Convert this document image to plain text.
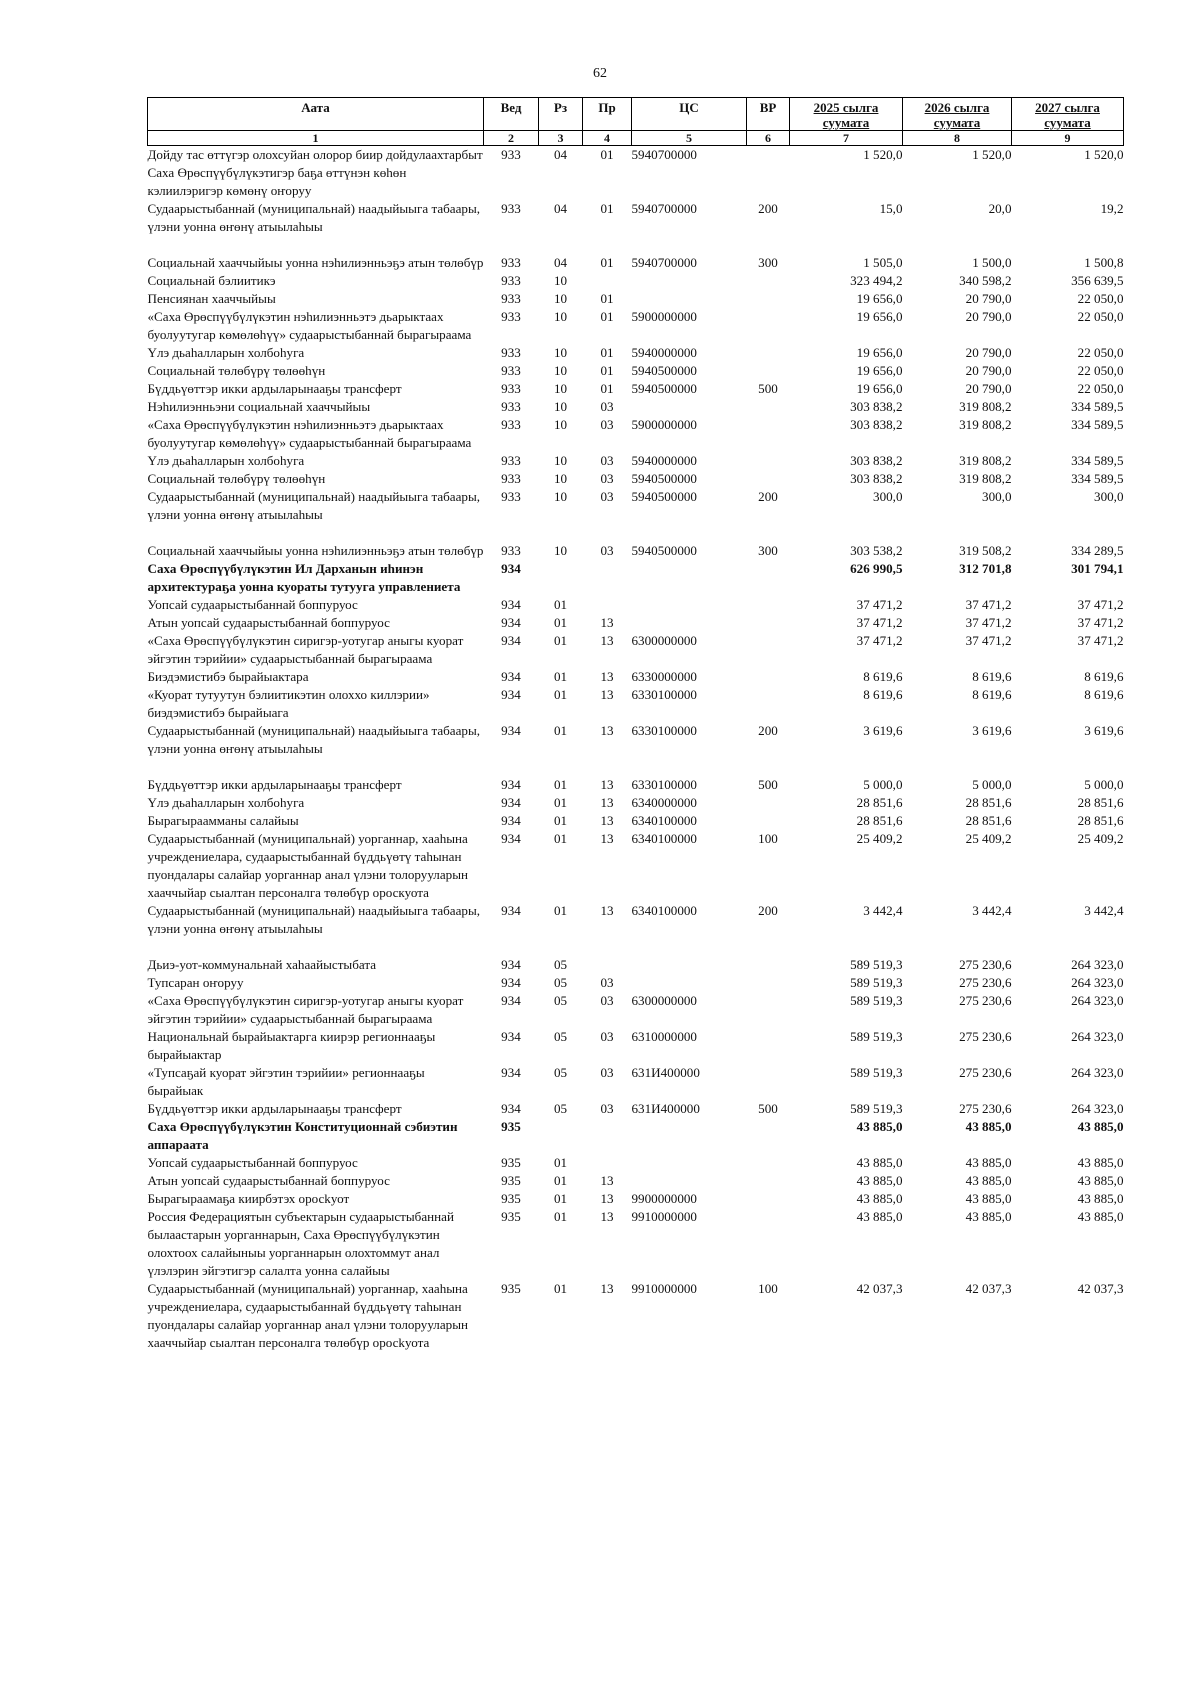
62
Аата	Вед	Рз	Пр	ЦС	ВР	2025 сылга суумата	2026 сылга суумата	2027 сылга суумата
1	2	3	4	5	6	7	8	9
Дойду тас өттүгэр олохсуйан олорор биир дойдулаахтарбыт Саха Өрөспүүбүлүкэтигэр баҕа өттүнэн көһөн кэлиилэригэр көмөнү оҥоруу	933	04	01	5940700000		1 520,0	1 520,0	1 520,0
Судаарыстыбаннай (муниципальнай) наадыйыыга табаары, үлэни уонна өҥөнү атыылаһыы	933	04	01	5940700000	200	15,0	20,0	19,2
Социальнай хааччыйыы уонна нэһилиэнньэҕэ атын төлөбүр	933	04	01	5940700000	300	1 505,0	1 500,0	1 500,8
Социальнай бэлиитикэ	933	10				323 494,2	340 598,2	356 639,5
Пенсиянан хааччыйыы	933	10	01			19 656,0	20 790,0	22 050,0
«Саха Өрөспүүбүлүкэтин нэһилиэнньэтэ дьарыктаах буолуутугар көмөлөһүү» судаарыстыбаннай бырагыраама	933	10	01	5900000000		19 656,0	20 790,0	22 050,0
Үлэ дьаһалларын холбоһуга	933	10	01	5940000000		19 656,0	20 790,0	22 050,0
Социальнай төлөбүрү төлөөһүн	933	10	01	5940500000		19 656,0	20 790,0	22 050,0
Бүддьүөттэр икки ардыларынааҕы трансферт	933	10	01	5940500000	500	19 656,0	20 790,0	22 050,0
Нэһилиэнньэни социальнай хааччыйыы	933	10	03			303 838,2	319 808,2	334 589,5
«Саха Өрөспүүбүлүкэтин нэһилиэнньэтэ дьарыктаах буолуутугар көмөлөһүү» судаарыстыбаннай бырагыраама	933	10	03	5900000000		303 838,2	319 808,2	334 589,5
Үлэ дьаһалларын холбоһуга	933	10	03	5940000000		303 838,2	319 808,2	334 589,5
Социальнай төлөбүрү төлөөһүн	933	10	03	5940500000		303 838,2	319 808,2	334 589,5
Судаарыстыбаннай (муниципальнай) наадыйыыга табаары, үлэни уонна өҥөнү атыылаһыы	933	10	03	5940500000	200	300,0	300,0	300,0
Социальнай хааччыйыы уонна нэһилиэнньэҕэ атын төлөбүр	933	10	03	5940500000	300	303 538,2	319 508,2	334 289,5
Саха Өрөспүүбүлүкэтин Ил Дарханын иһинэн архитектураҕа уонна куораты тутууга управлениета	934					626 990,5	312 701,8	301 794,1
Уопсай судаарыстыбаннай боппуруос	934	01				37 471,2	37 471,2	37 471,2
Атын уопсай судаарыстыбаннай боппуруос	934	01	13			37 471,2	37 471,2	37 471,2
«Саха Өрөспүүбүлүкэтин сиригэр-уотугар аныгы куорат эйгэтин тэрийии» судаарыстыбаннай бырагыраама	934	01	13	6300000000		37 471,2	37 471,2	37 471,2
Биэдэмистибэ бырайыактара	934	01	13	6330000000		8 619,6	8 619,6	8 619,6
«Куорат тутуутун бэлиитикэтин олоххо киллэрии» биэдэмистибэ бырайыага	934	01	13	6330100000		8 619,6	8 619,6	8 619,6
Судаарыстыбаннай (муниципальнай) наадыйыыга табаары, үлэни уонна өҥөнү атыылаһыы	934	01	13	6330100000	200	3 619,6	3 619,6	3 619,6
Бүддьүөттэр икки ардыларынааҕы трансферт	934	01	13	6330100000	500	5 000,0	5 000,0	5 000,0
Үлэ дьаһалларын холбоһуга	934	01	13	6340000000		28 851,6	28 851,6	28 851,6
Бырагыраамманы салайыы	934	01	13	6340100000		28 851,6	28 851,6	28 851,6
Судаарыстыбаннай (муниципальнай) уорганнар, хааһына учреждениелара, судаарыстыбаннай бүддьүөтү таһынан пуондалары салайар уорганнар анал үлэни толорууларын хааччыйар сыалтан персоналга төлөбүр ороскуота	934	01	13	6340100000	100	25 409,2	25 409,2	25 409,2
Судаарыстыбаннай (муниципальнай) наадыйыыга табаары, үлэни уонна өҥөнү атыылаһыы	934	01	13	6340100000	200	3 442,4	3 442,4	3 442,4
Дьиэ-уот-коммунальнай хаһаайыстыбата	934	05				589 519,3	275 230,6	264 323,0
Тупсаран оҥоруу	934	05	03			589 519,3	275 230,6	264 323,0
«Саха Өрөспүүбүлүкэтин сиригэр-уотугар аныгы куорат эйгэтин тэрийии» судаарыстыбаннай бырагыраама	934	05	03	6300000000		589 519,3	275 230,6	264 323,0
Национальнай бырайыактарга киирэр регионнааҕы бырайыактар	934	05	03	6310000000		589 519,3	275 230,6	264 323,0
«Тупсаҕай куорат эйгэтин тэрийии» регионнааҕы бырайыак	934	05	03	631И400000		589 519,3	275 230,6	264 323,0
Бүддьүөттэр икки ардыларынааҕы трансферт	934	05	03	631И400000	500	589 519,3	275 230,6	264 323,0
Саха Өрөспүүбүлүкэтин Конституционнай сэбиэтин аппараата	935					43 885,0	43 885,0	43 885,0
Уопсай судаарыстыбаннай боппуруос	935	01				43 885,0	43 885,0	43 885,0
Атын уопсай судаарыстыбаннай боппуруос	935	01	13			43 885,0	43 885,0	43 885,0
Бырагыраамаҕа киирбэтэх оросkуот	935	01	13	9900000000		43 885,0	43 885,0	43 885,0
Россия Федерациятын субъектарын судаарыстыбаннай былаастарын уорганнарын, Саха Өрөспүүбүлүкэтин олохтоох салайыныы уорганнарын олохтоммут анал үлэлэрин эйгэтигэр салалта уонна салайыы	935	01	13	9910000000		43 885,0	43 885,0	43 885,0
Судаарыстыбаннай (муниципальнай) уорганнар, хааһына учреждениелара, судаарыстыбаннай бүддьүөтү таһынан пуондалары салайар уорганнар анал үлэни толорууларын хааччыйар сыалтан персоналга төлөбүр оросkуота	935	01	13	9910000000	100	42 037,3	42 037,3	42 037,3
